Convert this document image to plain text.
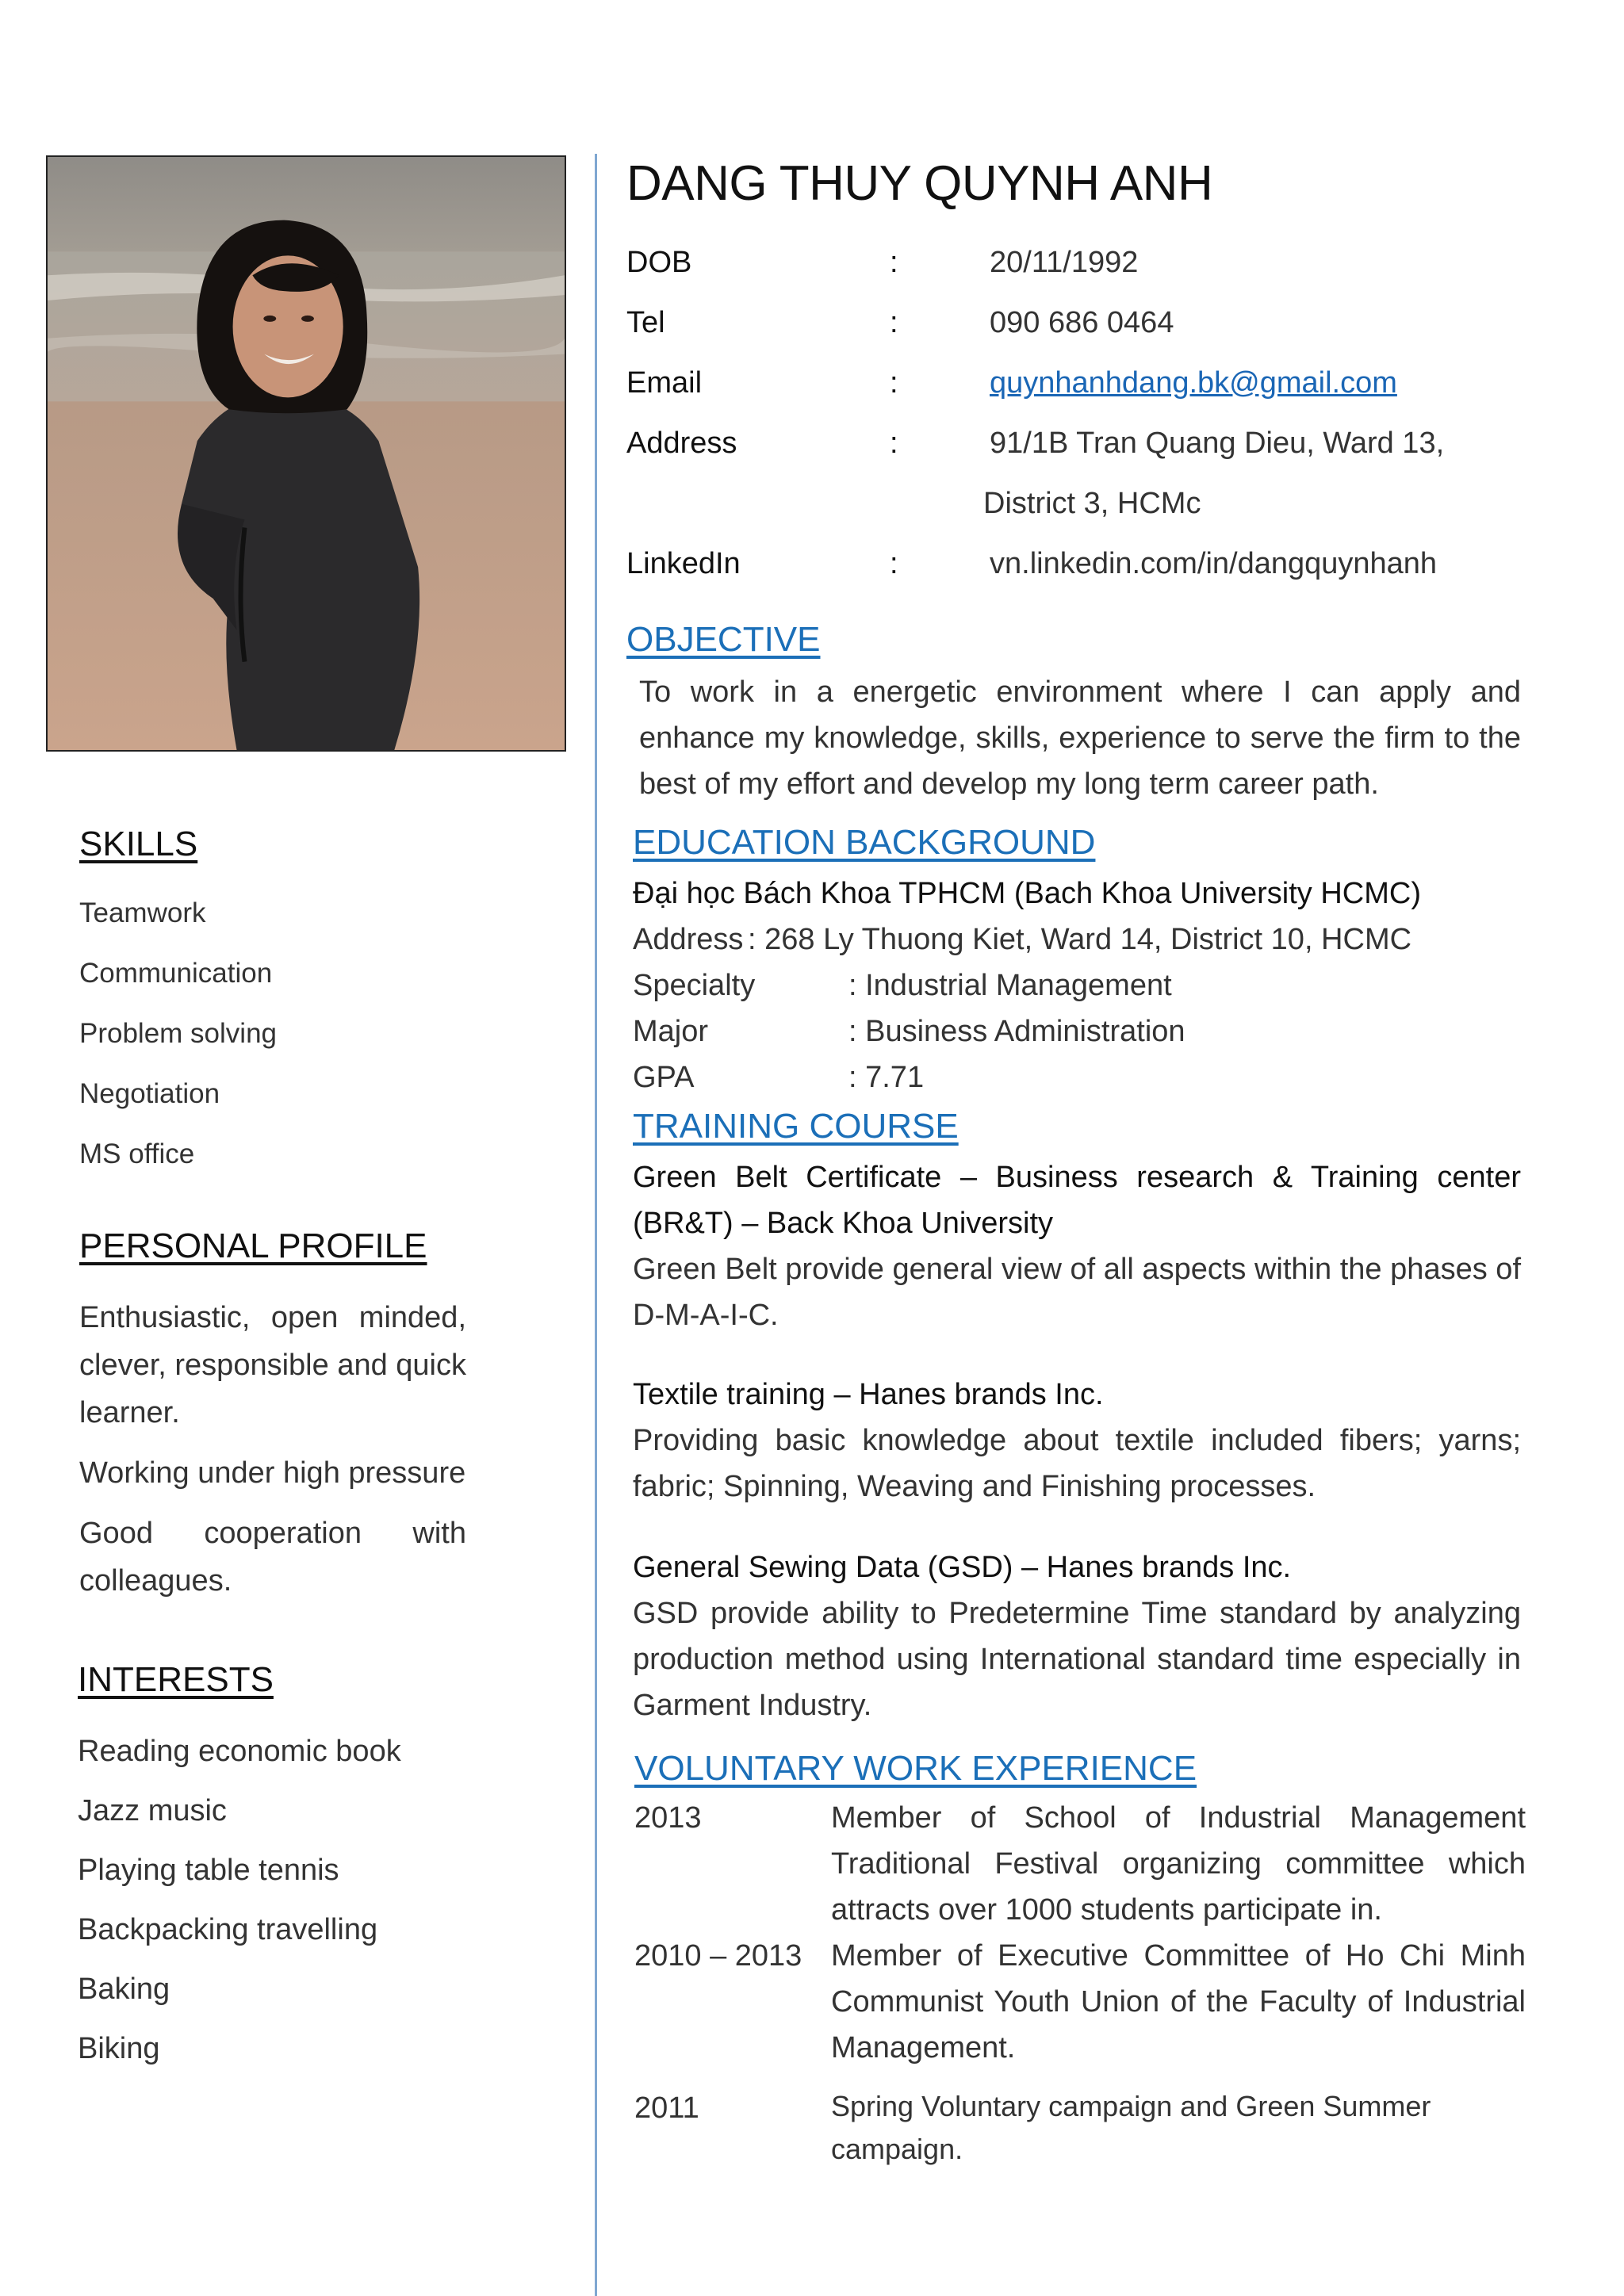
SKILLS
Teamwork
Communication
Problem solving
Negotiation
MS office
PERSONAL PROFILE

Enthusiastic, open minded, clever, responsible and quick learner.

Working under high pressure

Good cooperation with colleagues.

INTERESTS
Reading economic book
Jazz music
Playing table tennis
Backpacking travelling
Baking
Biking
DANG THUY QUYNH ANH
DOB	:	20/11/1992
Tel	:	090 686 0464
Email	:	quynhanhdang.bk@gmail.com
Address	:	91/1B Tran Quang Dieu, Ward 13,
District 3, HCMc
LinkedIn	:	vn.linkedin.com/in/dangquynhanh
OBJECTIVE

To work in a energetic environment where I can apply and enhance my knowledge, skills, experience to serve the firm to the best of my effort and develop my long term career path.

EDUCATION BACKGROUND
Đại học Bách Khoa TPHCM (Bach Khoa University HCMC)
Address : 268 Ly Thuong Kiet, Ward 14, District 10, HCMC
Specialty	: Industrial Management
Major	: Business Administration
GPA	: 7.71
TRAINING COURSE

Green Belt Certificate – Business research & Training center (BR&T) – Back Khoa University

Green Belt provide general view of all aspects within the phases of D-M-A-I-C.

Textile training – Hanes brands Inc.

Providing basic knowledge about textile included fibers; yarns; fabric; Spinning, Weaving and Finishing processes.

General Sewing Data (GSD) – Hanes brands Inc.

GSD provide ability to Predetermine Time standard by analyzing production method using International standard time especially in Garment Industry.

VOLUNTARY WORK EXPERIENCE
2013	Member of School of Industrial Management Traditional Festival organizing committee which attracts over 1000 students participate in.
2010 – 2013 Member of Executive Committee of Ho Chi Minh Communist Youth Union of the Faculty of Industrial Management.
2011	Spring Voluntary campaign and Green Summer campaign.
